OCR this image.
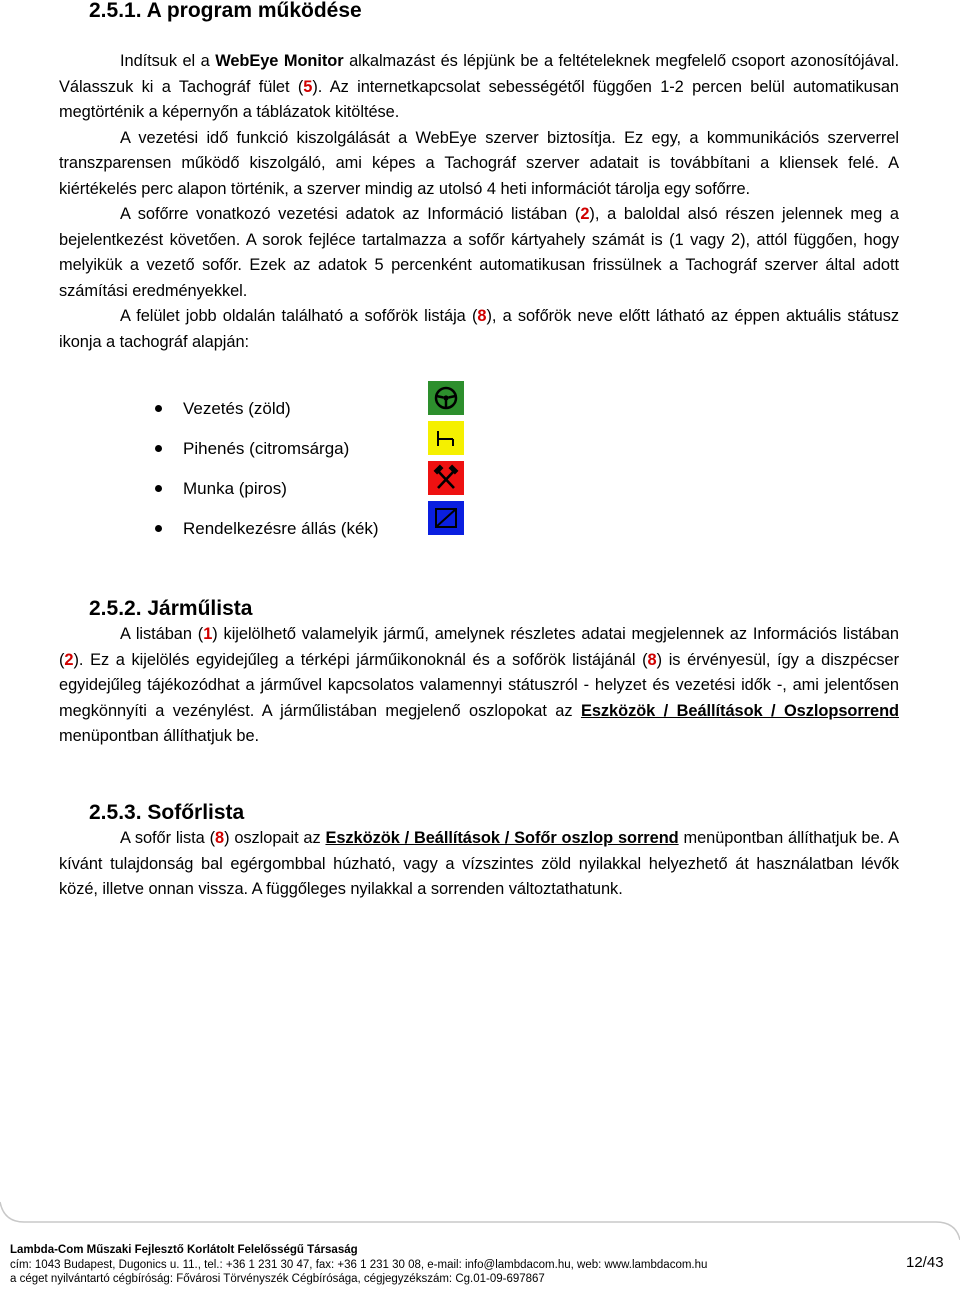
2.5.1. A program működése

Indítsuk el a WebEye Monitor alkalmazást és lépjünk be a feltételeknek megfelelő csoport azonosítójával. Válasszuk ki a Tachográf fület (5). Az internetkapcsolat sebességétől függően 1-2 percen belül automatikusan megtörténik a képernyőn a táblázatok kitöltése.

A vezetési idő funkció kiszolgálását a WebEye szerver biztosítja. Ez egy, a kommunikációs szerverrel transzparensen működő kiszolgáló, ami képes a Tachográf szerver adatait is továbbítani a kliensek felé. A kiértékelés perc alapon történik, a szerver mindig az utolsó 4 heti információt tárolja egy sofőrre.

A sofőrre vonatkozó vezetési adatok az Információ listában (2), a baloldal alsó részen jelennek meg a bejelentkezést követően. A sorok fejléce tartalmazza a sofőr kártyahely számát is (1 vagy 2), attól függően, hogy melyikük a vezető sofőr. Ezek az adatok 5 percenként automatikusan frissülnek a Tachográf szerver által adott számítási eredményekkel.

A felület jobb oldalán található a sofőrök listája (8), a sofőrök neve előtt látható az éppen aktuális státusz ikonja a tachográf alapján:

Vezetés (zöld)
Pihenés (citromsárga)
Munka (piros)
Rendelkezésre állás (kék)
2.5.2. Járműlista

A listában (1) kijelölhető valamelyik jármű, amelynek részletes adatai megjelennek az Információs listában (2). Ez a kijelölés egyidejűleg a térképi járműikonoknál és a sofőrök listájánál (8) is érvényesül, így a diszpécser egyidejűleg tájékozódhat a járművel kapcsolatos valamennyi státuszról - helyzet és vezetési idők -, ami jelentősen megkönnyíti a vezénylést. A járműlistában megjelenő oszlopokat az Eszközök / Beállítások / Oszlopsorrend menüpontban állíthatjuk be.

2.5.3. Sofőrlista

A sofőr lista (8) oszlopait az Eszközök / Beállítások / Sofőr oszlop sorrend menüpontban állíthatjuk be. A kívánt tulajdonság bal egérgombbal húzható, vagy a vízszintes zöld nyilakkal helyezhető át használatban lévők közé, illetve onnan vissza. A függőleges nyilakkal a sorrenden változtathatunk.

Lambda-Com Műszaki Fejlesztő Korlátolt Felelősségű Társaság
cím: 1043 Budapest, Dugonics u. 11., tel.: +36 1 231 30 47, fax: +36 1 231 30 08, e-mail: info@lambdacom.hu, web: www.lambdacom.hu
a céget nyilvántartó cégbíróság: Fővárosi Törvényszék Cégbírósága, cégjegyzékszám: Cg.01-09-697867
12/43
